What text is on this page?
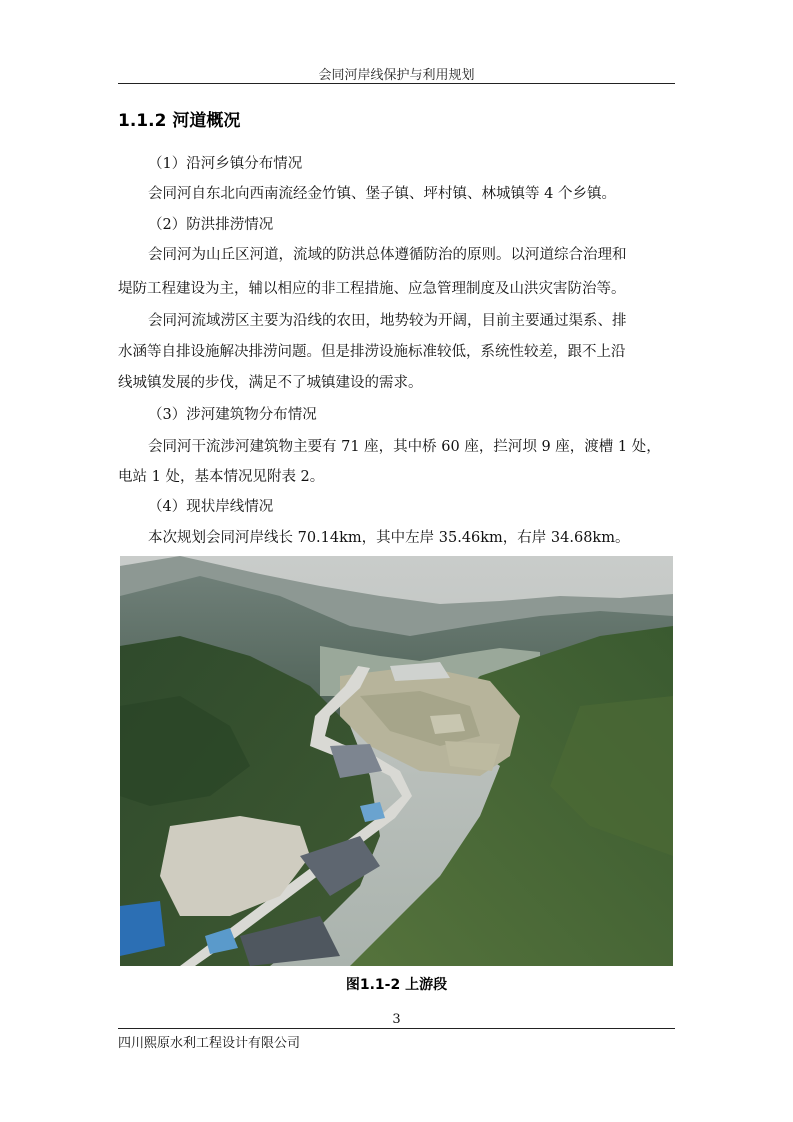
会同河岸线保护与利用规划
1.1.2 河道概况
（1）沿河乡镇分布情况
会同河自东北向西南流经金竹镇、堡子镇、坪村镇、林城镇等 4 个乡镇。
（2）防洪排涝情况
会同河为山丘区河道，流域的防洪总体遵循防治的原则。以河道综合治理和
堤防工程建设为主，辅以相应的非工程措施、应急管理制度及山洪灾害防治等。
会同河流域涝区主要为沿线的农田，地势较为开阔，目前主要通过渠系、排
水涵等自排设施解决排涝问题。但是排涝设施标准较低，系统性较差，跟不上沿
线城镇发展的步伐，满足不了城镇建设的需求。
（3）涉河建筑物分布情况
会同河干流涉河建筑物主要有 71 座，其中桥 60 座，拦河坝 9 座，渡槽 1 处，
电站 1 处，基本情况见附表 2。
（4）现状岸线情况
本次规划会同河岸线长 70.14km，其中左岸 35.46km，右岸 34.68km。
图1.1-2 上游段
3
四川熙原水利工程设计有限公司
